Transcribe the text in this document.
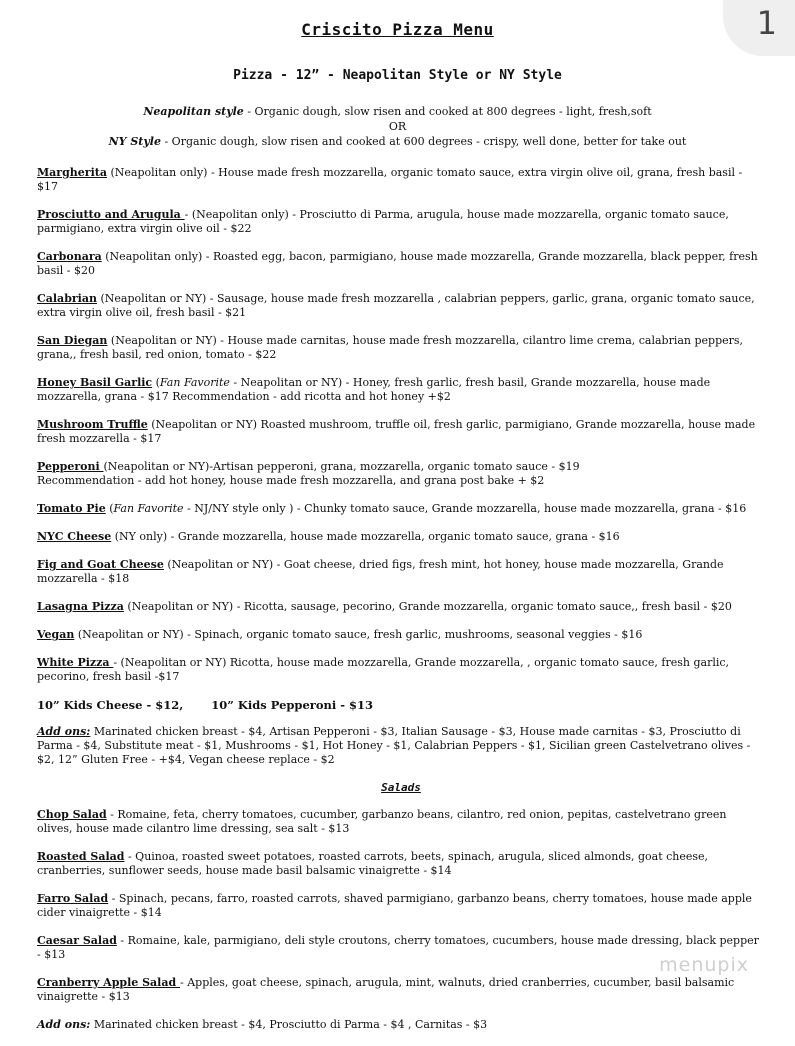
1
Criscito Pizza Menu
Pizza - 12” - Neapolitan Style or NY Style
Neapolitan style - Organic dough, slow risen and cooked at 800 degrees - light, fresh,soft
OR
NY Style - Organic dough, slow risen and cooked at 600 degrees - crispy, well done, better for take out
Margherita (Neapolitan only) - House made fresh mozzarella, organic tomato sauce, extra virgin olive oil, grana, fresh basil - $17
Prosciutto and Arugula - (Neapolitan only) - Prosciutto di Parma, arugula, house made mozzarella, organic tomato sauce, parmigiano, extra virgin olive oil - $22
Carbonara (Neapolitan only) - Roasted egg, bacon, parmigiano, house made mozzarella, Grande mozzarella, black pepper, fresh basil - $20
Calabrian (Neapolitan or NY) - Sausage, house made fresh mozzarella , calabrian peppers, garlic, grana, organic tomato sauce, extra virgin olive oil, fresh basil - $21
San Diegan (Neapolitan or NY) - House made carnitas, house made fresh mozzarella, cilantro lime crema, calabrian peppers, grana,, fresh basil, red onion, tomato - $22
Honey Basil Garlic (Fan Favorite - Neapolitan or NY) - Honey, fresh garlic, fresh basil, Grande mozzarella, house made
mozzarella, grana - $17 Recommendation - add ricotta and hot honey +$2
Mushroom Truffle (Neapolitan or NY) Roasted mushroom, truffle oil, fresh garlic, parmigiano, Grande mozzarella, house made fresh mozzarella - $17
Pepperoni (Neapolitan or NY)-Artisan pepperoni, grana, mozzarella, organic tomato sauce - $19
Recommendation - add hot honey, house made fresh mozzarella, and grana post bake + $2
Tomato Pie (Fan Favorite - NJ/NY style only ) - Chunky tomato sauce, Grande mozzarella, house made mozzarella, grana - $16
NYC Cheese (NY only) - Grande mozzarella, house made mozzarella, organic tomato sauce, grana - $16
Fig and Goat Cheese (Neapolitan or NY) - Goat cheese, dried figs, fresh mint, hot honey, house made mozzarella, Grande mozzarella - $18
Lasagna Pizza (Neapolitan or NY) - Ricotta, sausage, pecorino, Grande mozzarella, organic tomato sauce,, fresh basil - $20
Vegan (Neapolitan or NY) - Spinach, organic tomato sauce, fresh garlic, mushrooms, seasonal veggies - $16
White Pizza - (Neapolitan or NY) Ricotta, house made mozzarella, Grande mozzarella, , organic tomato sauce, fresh garlic, pecorino, fresh basil -$17
10” Kids Cheese - $12, 10” Kids Pepperoni - $13
Add ons: Marinated chicken breast - $4, Artisan Pepperoni - $3, Italian Sausage - $3, House made carnitas - $3, Prosciutto di Parma - $4, Substitute meat - $1, Mushrooms - $1, Hot Honey - $1, Calabrian Peppers - $1, Sicilian green Castelvetrano olives - $2, 12” Gluten Free - +$4, Vegan cheese replace - $2
Salads
Chop Salad - Romaine, feta, cherry tomatoes, cucumber, garbanzo beans, cilantro, red onion, pepitas, castelvetrano green olives, house made cilantro lime dressing, sea salt - $13
Roasted Salad - Quinoa, roasted sweet potatoes, roasted carrots, beets, spinach, arugula, sliced almonds, goat cheese, cranberries, sunflower seeds, house made basil balsamic vinaigrette - $14
Farro Salad - Spinach, pecans, farro, roasted carrots, shaved parmigiano, garbanzo beans, cherry tomatoes, house made apple cider vinaigrette - $14
Caesar Salad - Romaine, kale, parmigiano, deli style croutons, cherry tomatoes, cucumbers, house made dressing, black pepper - $13
Cranberry Apple Salad - Apples, goat cheese, spinach, arugula, mint, walnuts, dried cranberries, cucumber, basil balsamic vinaigrette - $13
Add ons: Marinated chicken breast - $4, Prosciutto di Parma - $4 , Carnitas - $3
menupix
